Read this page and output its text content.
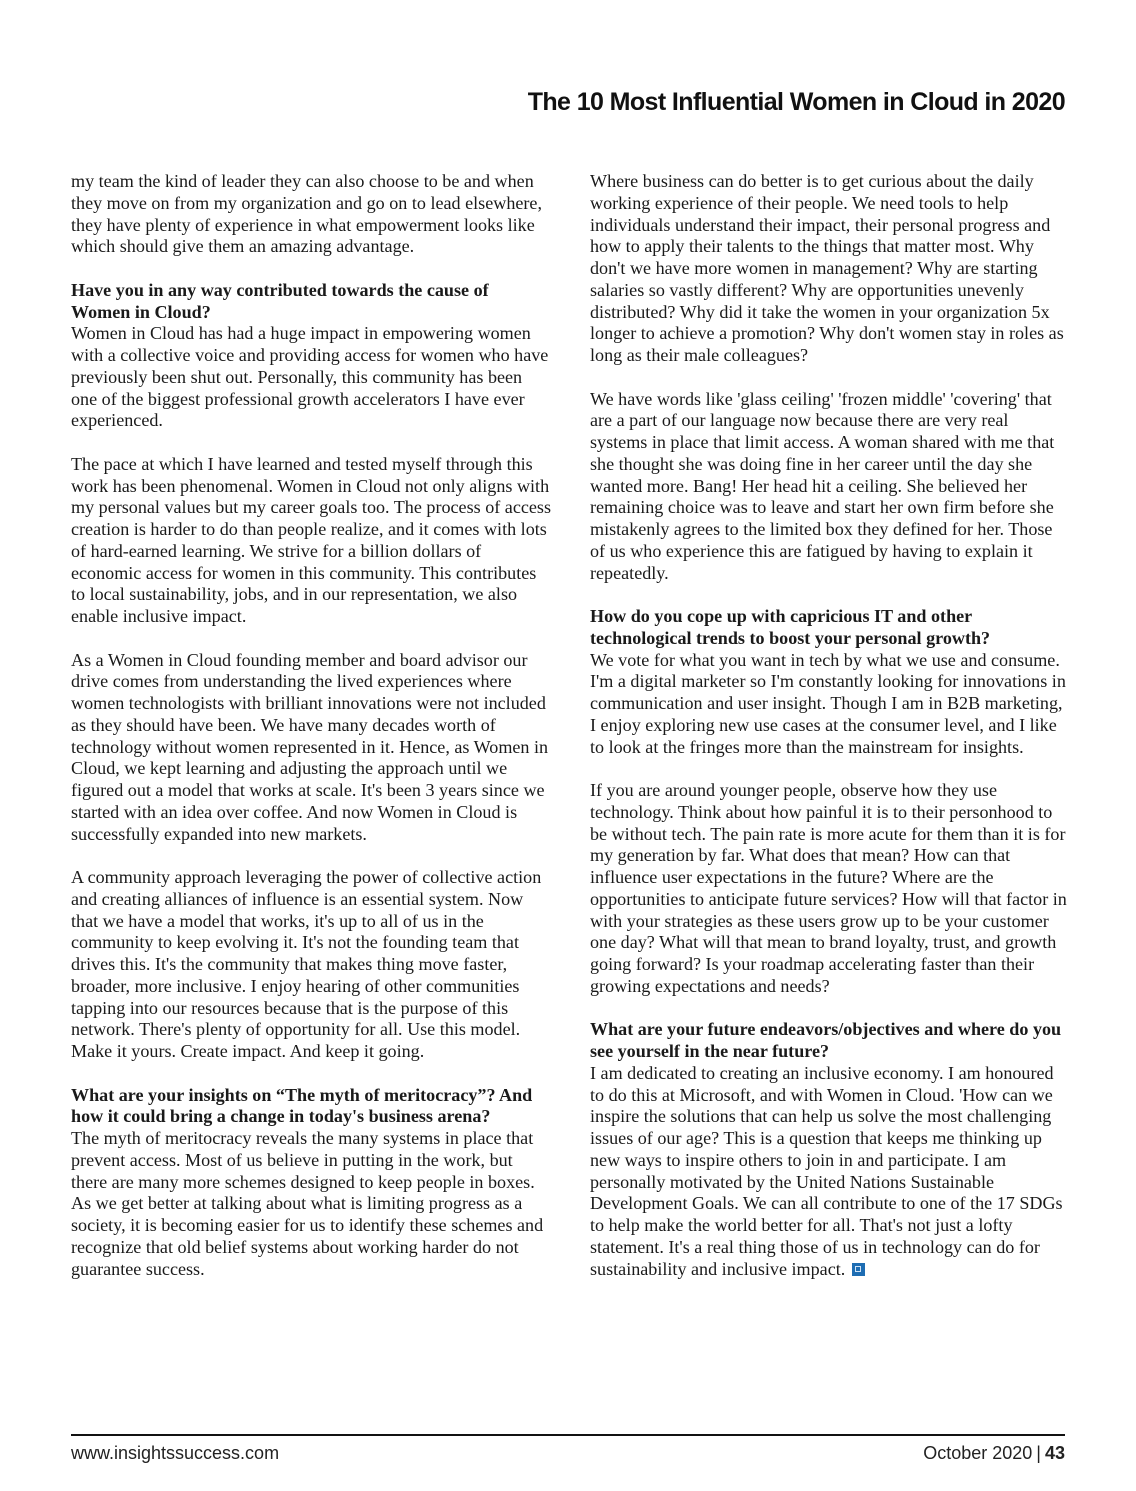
The 10 Most Influential Women in Cloud in 2020

my team the kind of leader they can also choose to be and when they move on from my organization and go on to lead elsewhere, they have plenty of experience in what empowerment looks like which should give them an amazing advantage.

Have you in any way contributed towards the cause of Women in Cloud?

Women in Cloud has had a huge impact in empowering women with a collective voice and providing access for women who have previously been shut out. Personally, this community has been one of the biggest professional growth accelerators I have ever experienced.

The pace at which I have learned and tested myself through this work has been phenomenal. Women in Cloud not only aligns with my personal values but my career goals too. The process of access creation is harder to do than people realize, and it comes with lots of hard-earned learning. We strive for a billion dollars of economic access for women in this community. This contributes to local sustainability, jobs, and in our representation, we also enable inclusive impact.

As a Women in Cloud founding member and board advisor our drive comes from understanding the lived experiences where women technologists with brilliant innovations were not included as they should have been. We have many decades worth of technology without women represented in it. Hence, as Women in Cloud, we kept learning and adjusting the approach until we figured out a model that works at scale. It's been 3 years since we started with an idea over coffee. And now Women in Cloud is successfully expanded into new markets.

A community approach leveraging the power of collective action and creating alliances of influence is an essential system. Now that we have a model that works, it's up to all of us in the community to keep evolving it. It's not the founding team that drives this. It's the community that makes thing move faster, broader, more inclusive. I enjoy hearing of other communities tapping into our resources because that is the purpose of this network. There's plenty of opportunity for all. Use this model. Make it yours. Create impact. And keep it going.

What are your insights on “The myth of meritocracy”? And how it could bring a change in today's business arena?

The myth of meritocracy reveals the many systems in place that prevent access. Most of us believe in putting in the work, but there are many more schemes designed to keep people in boxes. As we get better at talking about what is limiting progress as a society, it is becoming easier for us to identify these schemes and recognize that old belief systems about working harder do not guarantee success.

Where business can do better is to get curious about the daily working experience of their people. We need tools to help individuals understand their impact, their personal progress and how to apply their talents to the things that matter most. Why don't we have more women in management? Why are starting salaries so vastly different? Why are opportunities unevenly distributed? Why did it take the women in your organization 5x longer to achieve a promotion? Why don't women stay in roles as long as their male colleagues?

We have words like 'glass ceiling' 'frozen middle' 'covering' that are a part of our language now because there are very real systems in place that limit access. A woman shared with me that she thought she was doing fine in her career until the day she wanted more. Bang! Her head hit a ceiling. She believed her remaining choice was to leave and start her own firm before she mistakenly agrees to the limited box they defined for her. Those of us who experience this are fatigued by having to explain it repeatedly.

How do you cope up with capricious IT and other technological trends to boost your personal growth?

We vote for what you want in tech by what we use and consume. I'm a digital marketer so I'm constantly looking for innovations in communication and user insight. Though I am in B2B marketing, I enjoy exploring new use cases at the consumer level, and I like to look at the fringes more than the mainstream for insights.

If you are around younger people, observe how they use technology. Think about how painful it is to their personhood to be without tech. The pain rate is more acute for them than it is for my generation by far. What does that mean? How can that influence user expectations in the future? Where are the opportunities to anticipate future services? How will that factor in with your strategies as these users grow up to be your customer one day? What will that mean to brand loyalty, trust, and growth going forward? Is your roadmap accelerating faster than their growing expectations and needs?

What are your future endeavors/objectives and where do you see yourself in the near future?

I am dedicated to creating an inclusive economy. I am honoured to do this at Microsoft, and with Women in Cloud. 'How can we inspire the solutions that can help us solve the most challenging issues of our age? This is a question that keeps me thinking up new ways to inspire others to join in and participate. I am personally motivated by the United Nations Sustainable Development Goals. We can all contribute to one of the 17 SDGs to help make the world better for all. That's not just a lofty statement. It's a real thing those of us in technology can do for sustainability and inclusive impact.

www.insightssuccess.com	October 2020 | 43
